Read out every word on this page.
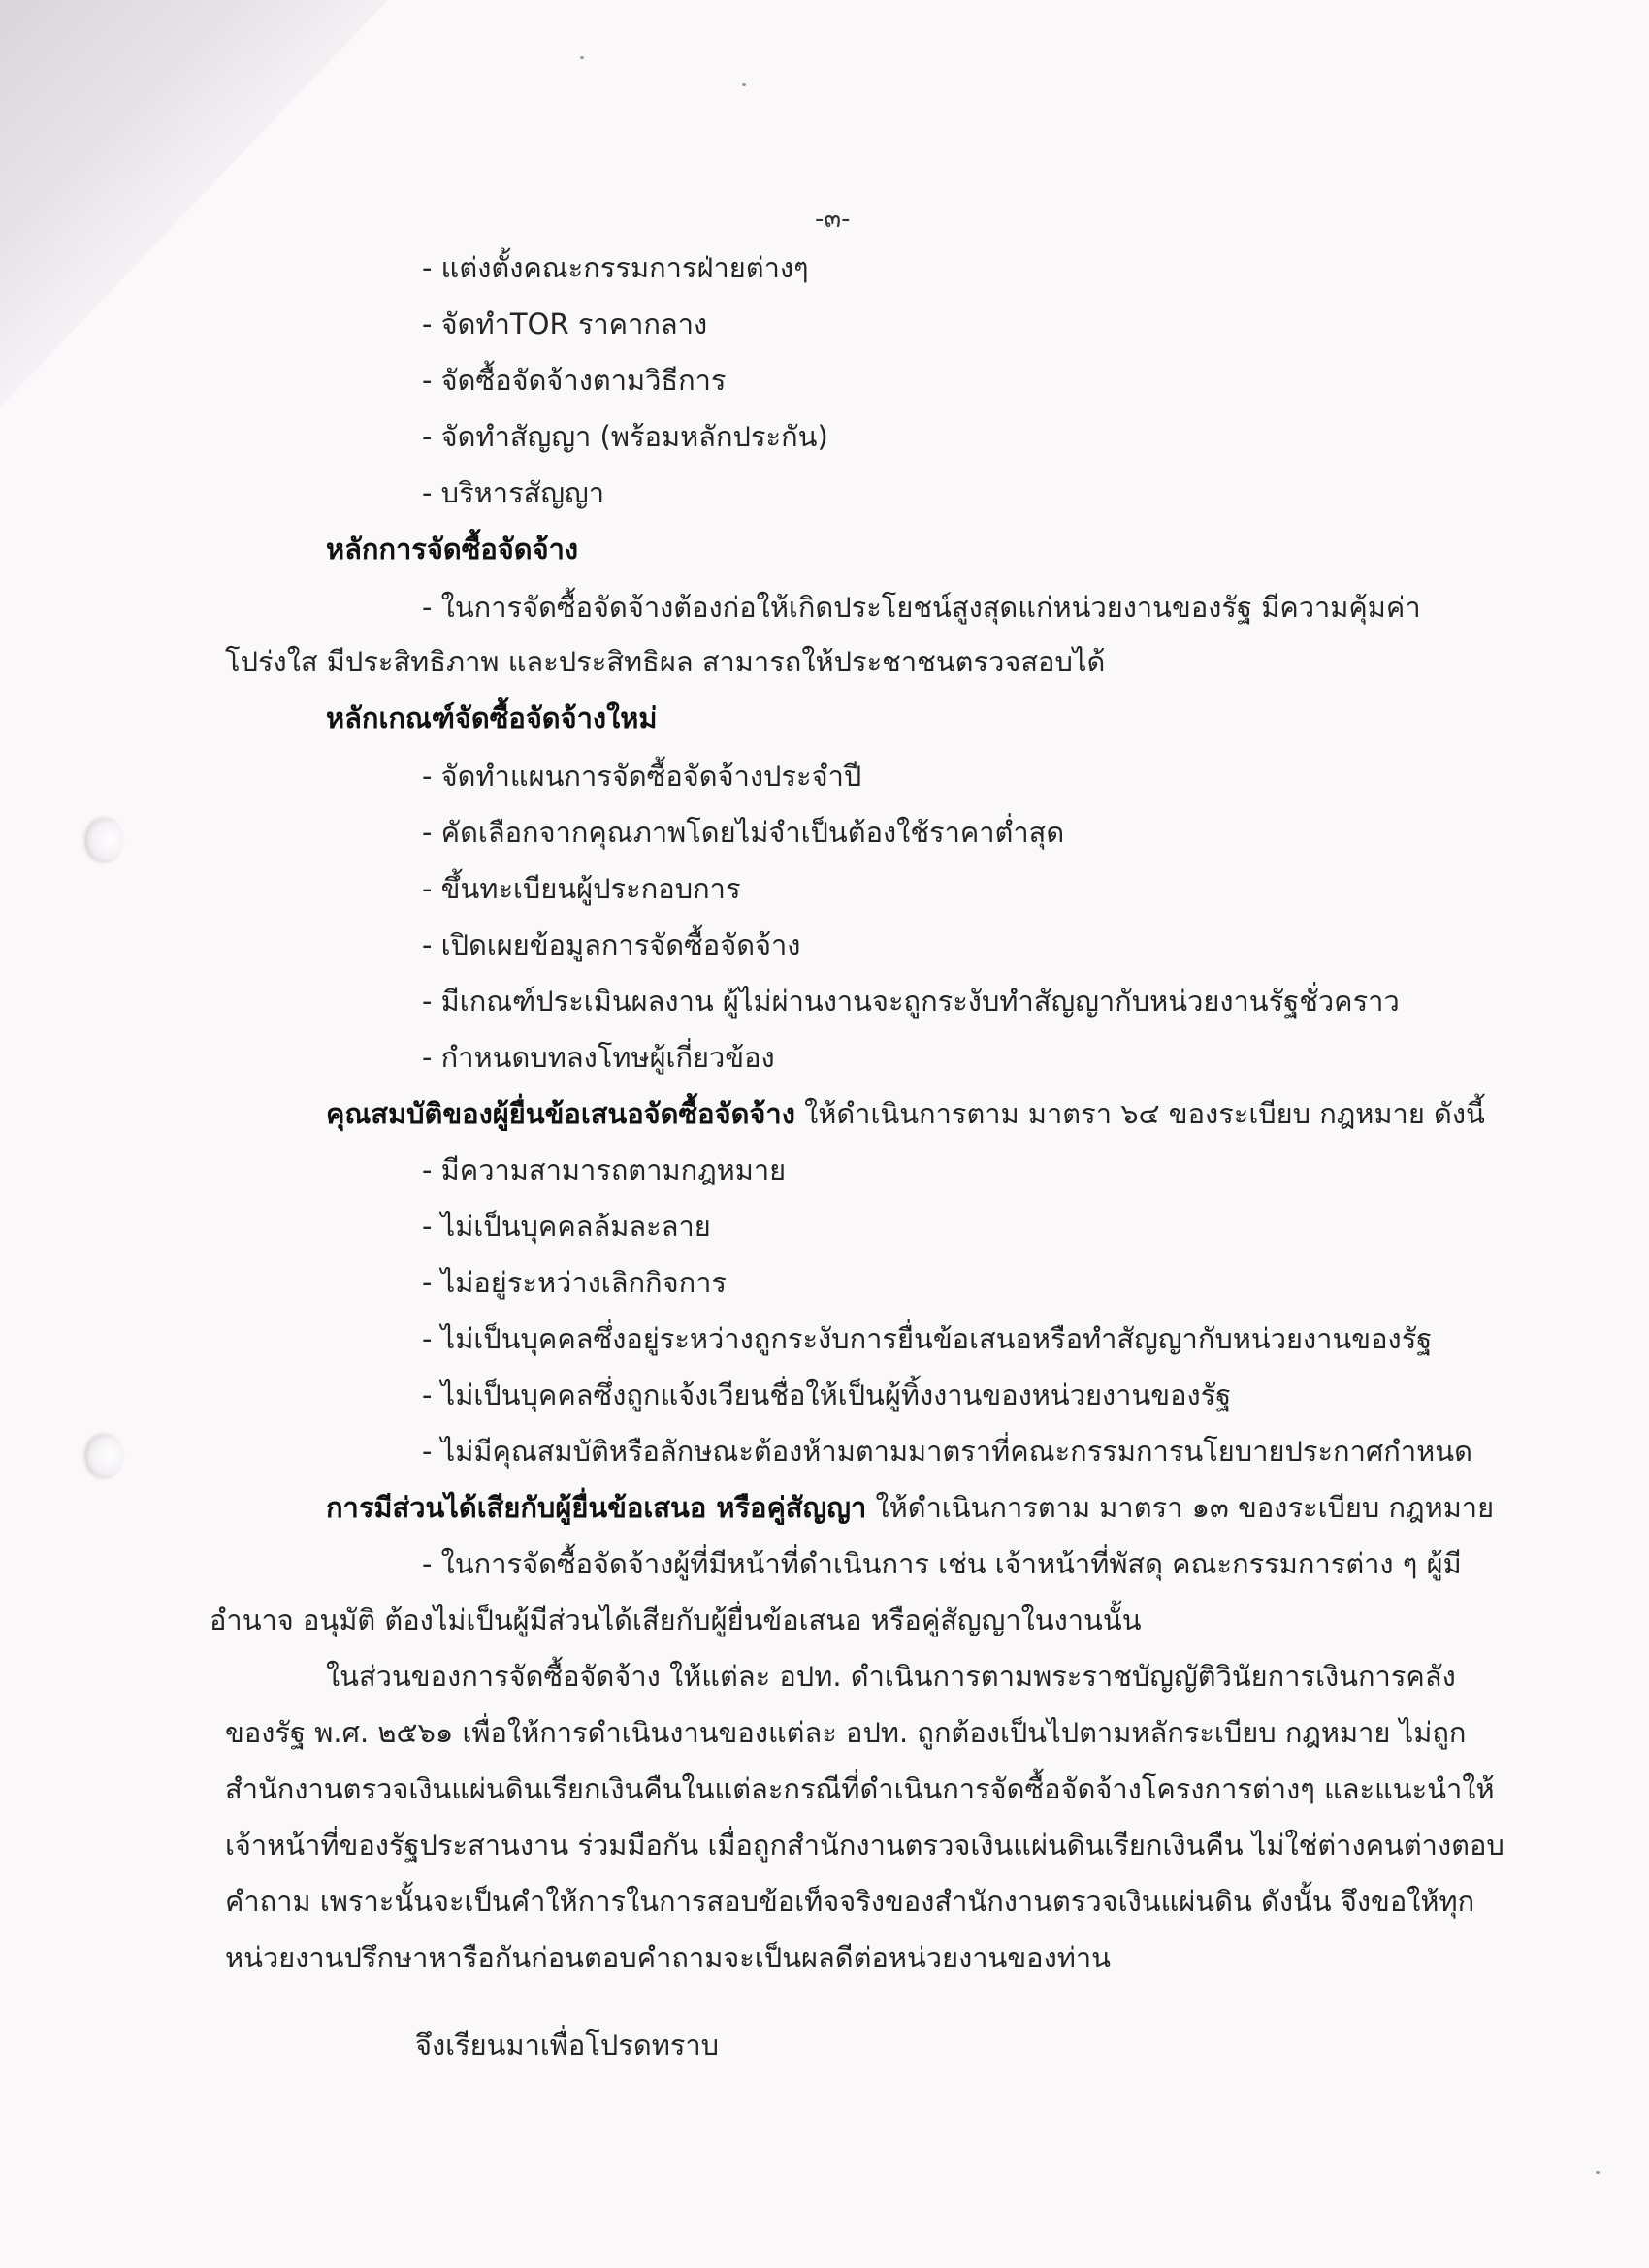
-๓-
- แต่งตั้งคณะกรรมการฝ่ายต่างๆ
- จัดทำTOR ราคากลาง
- จัดซื้อจัดจ้างตามวิธีการ
- จัดทำสัญญา (พร้อมหลักประกัน)
- บริหารสัญญา
หลักการจัดซื้อจัดจ้าง
- ในการจัดซื้อจัดจ้างต้องก่อให้เกิดประโยชน์สูงสุดแก่หน่วยงานของรัฐ มีความคุ้มค่า
โปร่งใส มีประสิทธิภาพ และประสิทธิผล สามารถให้ประชาชนตรวจสอบได้
หลักเกณฑ์จัดซื้อจัดจ้างใหม่
- จัดทำแผนการจัดซื้อจัดจ้างประจำปี
- คัดเลือกจากคุณภาพโดยไม่จำเป็นต้องใช้ราคาต่ำสุด
- ขึ้นทะเบียนผู้ประกอบการ
- เปิดเผยข้อมูลการจัดซื้อจัดจ้าง
- มีเกณฑ์ประเมินผลงาน ผู้ไม่ผ่านงานจะถูกระงับทำสัญญากับหน่วยงานรัฐชั่วคราว
- กำหนดบทลงโทษผู้เกี่ยวข้อง
คุณสมบัติของผู้ยื่นข้อเสนอจัดซื้อจัดจ้าง ให้ดำเนินการตาม มาตรา ๖๔ ของระเบียบ กฎหมาย ดังนี้
- มีความสามารถตามกฎหมาย
- ไม่เป็นบุคคลล้มละลาย
- ไม่อยู่ระหว่างเลิกกิจการ
- ไม่เป็นบุคคลซึ่งอยู่ระหว่างถูกระงับการยื่นข้อเสนอหรือทำสัญญากับหน่วยงานของรัฐ
- ไม่เป็นบุคคลซึ่งถูกแจ้งเวียนชื่อให้เป็นผู้ทิ้งงานของหน่วยงานของรัฐ
- ไม่มีคุณสมบัติหรือลักษณะต้องห้ามตามมาตราที่คณะกรรมการนโยบายประกาศกำหนด
การมีส่วนได้เสียกับผู้ยื่นข้อเสนอ หรือคู่สัญญา ให้ดำเนินการตาม มาตรา ๑๓ ของระเบียบ กฎหมาย
- ในการจัดซื้อจัดจ้างผู้ที่มีหน้าที่ดำเนินการ เช่น เจ้าหน้าที่พัสดุ คณะกรรมการต่าง ๆ ผู้มี
อำนาจ อนุมัติ ต้องไม่เป็นผู้มีส่วนได้เสียกับผู้ยื่นข้อเสนอ หรือคู่สัญญาในงานนั้น
ในส่วนของการจัดซื้อจัดจ้าง ให้แต่ละ อปท. ดำเนินการตามพระราชบัญญัติวินัยการเงินการคลัง
ของรัฐ พ.ศ. ๒๕๖๑ เพื่อให้การดำเนินงานของแต่ละ อปท. ถูกต้องเป็นไปตามหลักระเบียบ กฎหมาย ไม่ถูก
สำนักงานตรวจเงินแผ่นดินเรียกเงินคืนในแต่ละกรณีที่ดำเนินการจัดซื้อจัดจ้างโครงการต่างๆ และแนะนำให้
เจ้าหน้าที่ของรัฐประสานงาน ร่วมมือกัน เมื่อถูกสำนักงานตรวจเงินแผ่นดินเรียกเงินคืน ไม่ใช่ต่างคนต่างตอบ
คำถาม เพราะนั้นจะเป็นคำให้การในการสอบข้อเท็จจริงของสำนักงานตรวจเงินแผ่นดิน ดังนั้น จึงขอให้ทุก
หน่วยงานปรึกษาหารือกันก่อนตอบคำถามจะเป็นผลดีต่อหน่วยงานของท่าน
จึงเรียนมาเพื่อโปรดทราบ
